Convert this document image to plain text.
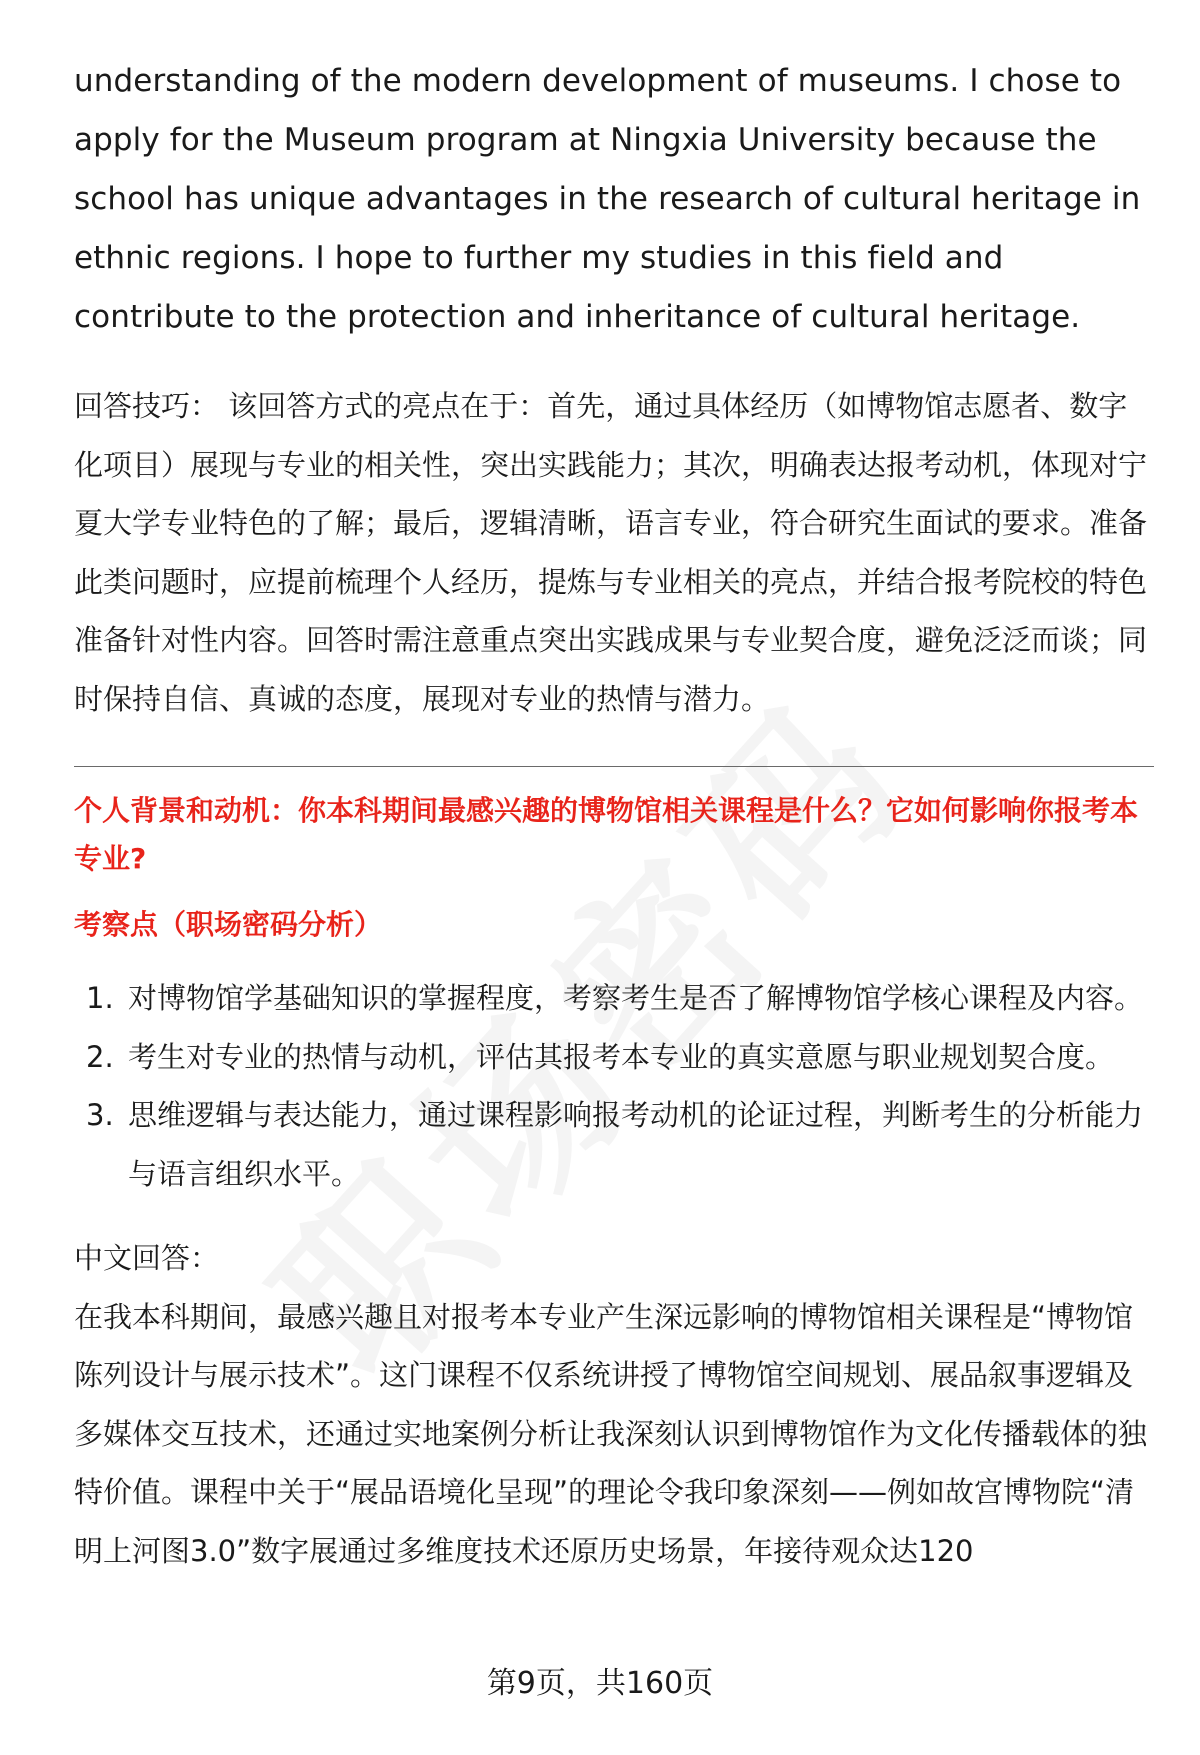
understanding of the modern development of museums. I chose to apply for the Museum program at Ningxia University because the school has unique advantages in the research of cultural heritage in ethnic regions. I hope to further my studies in this field and contribute to the protection and inheritance of cultural heritage.

回答技巧： 该回答方式的亮点在于：首先，通过具体经历（如博物馆志愿者、数字化项目）展现与专业的相关性，突出实践能力；其次，明确表达报考动机，体现对宁夏大学专业特色的了解；最后，逻辑清晰，语言专业，符合研究生面试的要求。准备此类问题时，应提前梳理个人经历，提炼与专业相关的亮点，并结合报考院校的特色准备针对性内容。回答时需注意重点突出实践成果与专业契合度，避免泛泛而谈；同时保持自信、真诚的态度，展现对专业的热情与潜力。

个人背景和动机：你本科期间最感兴趣的博物馆相关课程是什么？它如何影响你报考本专业?

考察点（职场密码分析）

1. 对博物馆学基础知识的掌握程度，考察考生是否了解博物馆学核心课程及内容。
2. 考生对专业的热情与动机，评估其报考本专业的真实意愿与职业规划契合度。
3. 思维逻辑与表达能力，通过课程影响报考动机的论证过程，判断考生的分析能力与语言组织水平。

中文回答：

在我本科期间，最感兴趣且对报考本专业产生深远影响的博物馆相关课程是“博物馆陈列设计与展示技术”。这门课程不仅系统讲授了博物馆空间规划、展品叙事逻辑及多媒体交互技术，还通过实地案例分析让我深刻认识到博物馆作为文化传播载体的独特价值。课程中关于“展品语境化呈现”的理论令我印象深刻——例如故宫博物院“清明上河图3.0”数字展通过多维度技术还原历史场景，年接待观众达120

第9页，共160页
